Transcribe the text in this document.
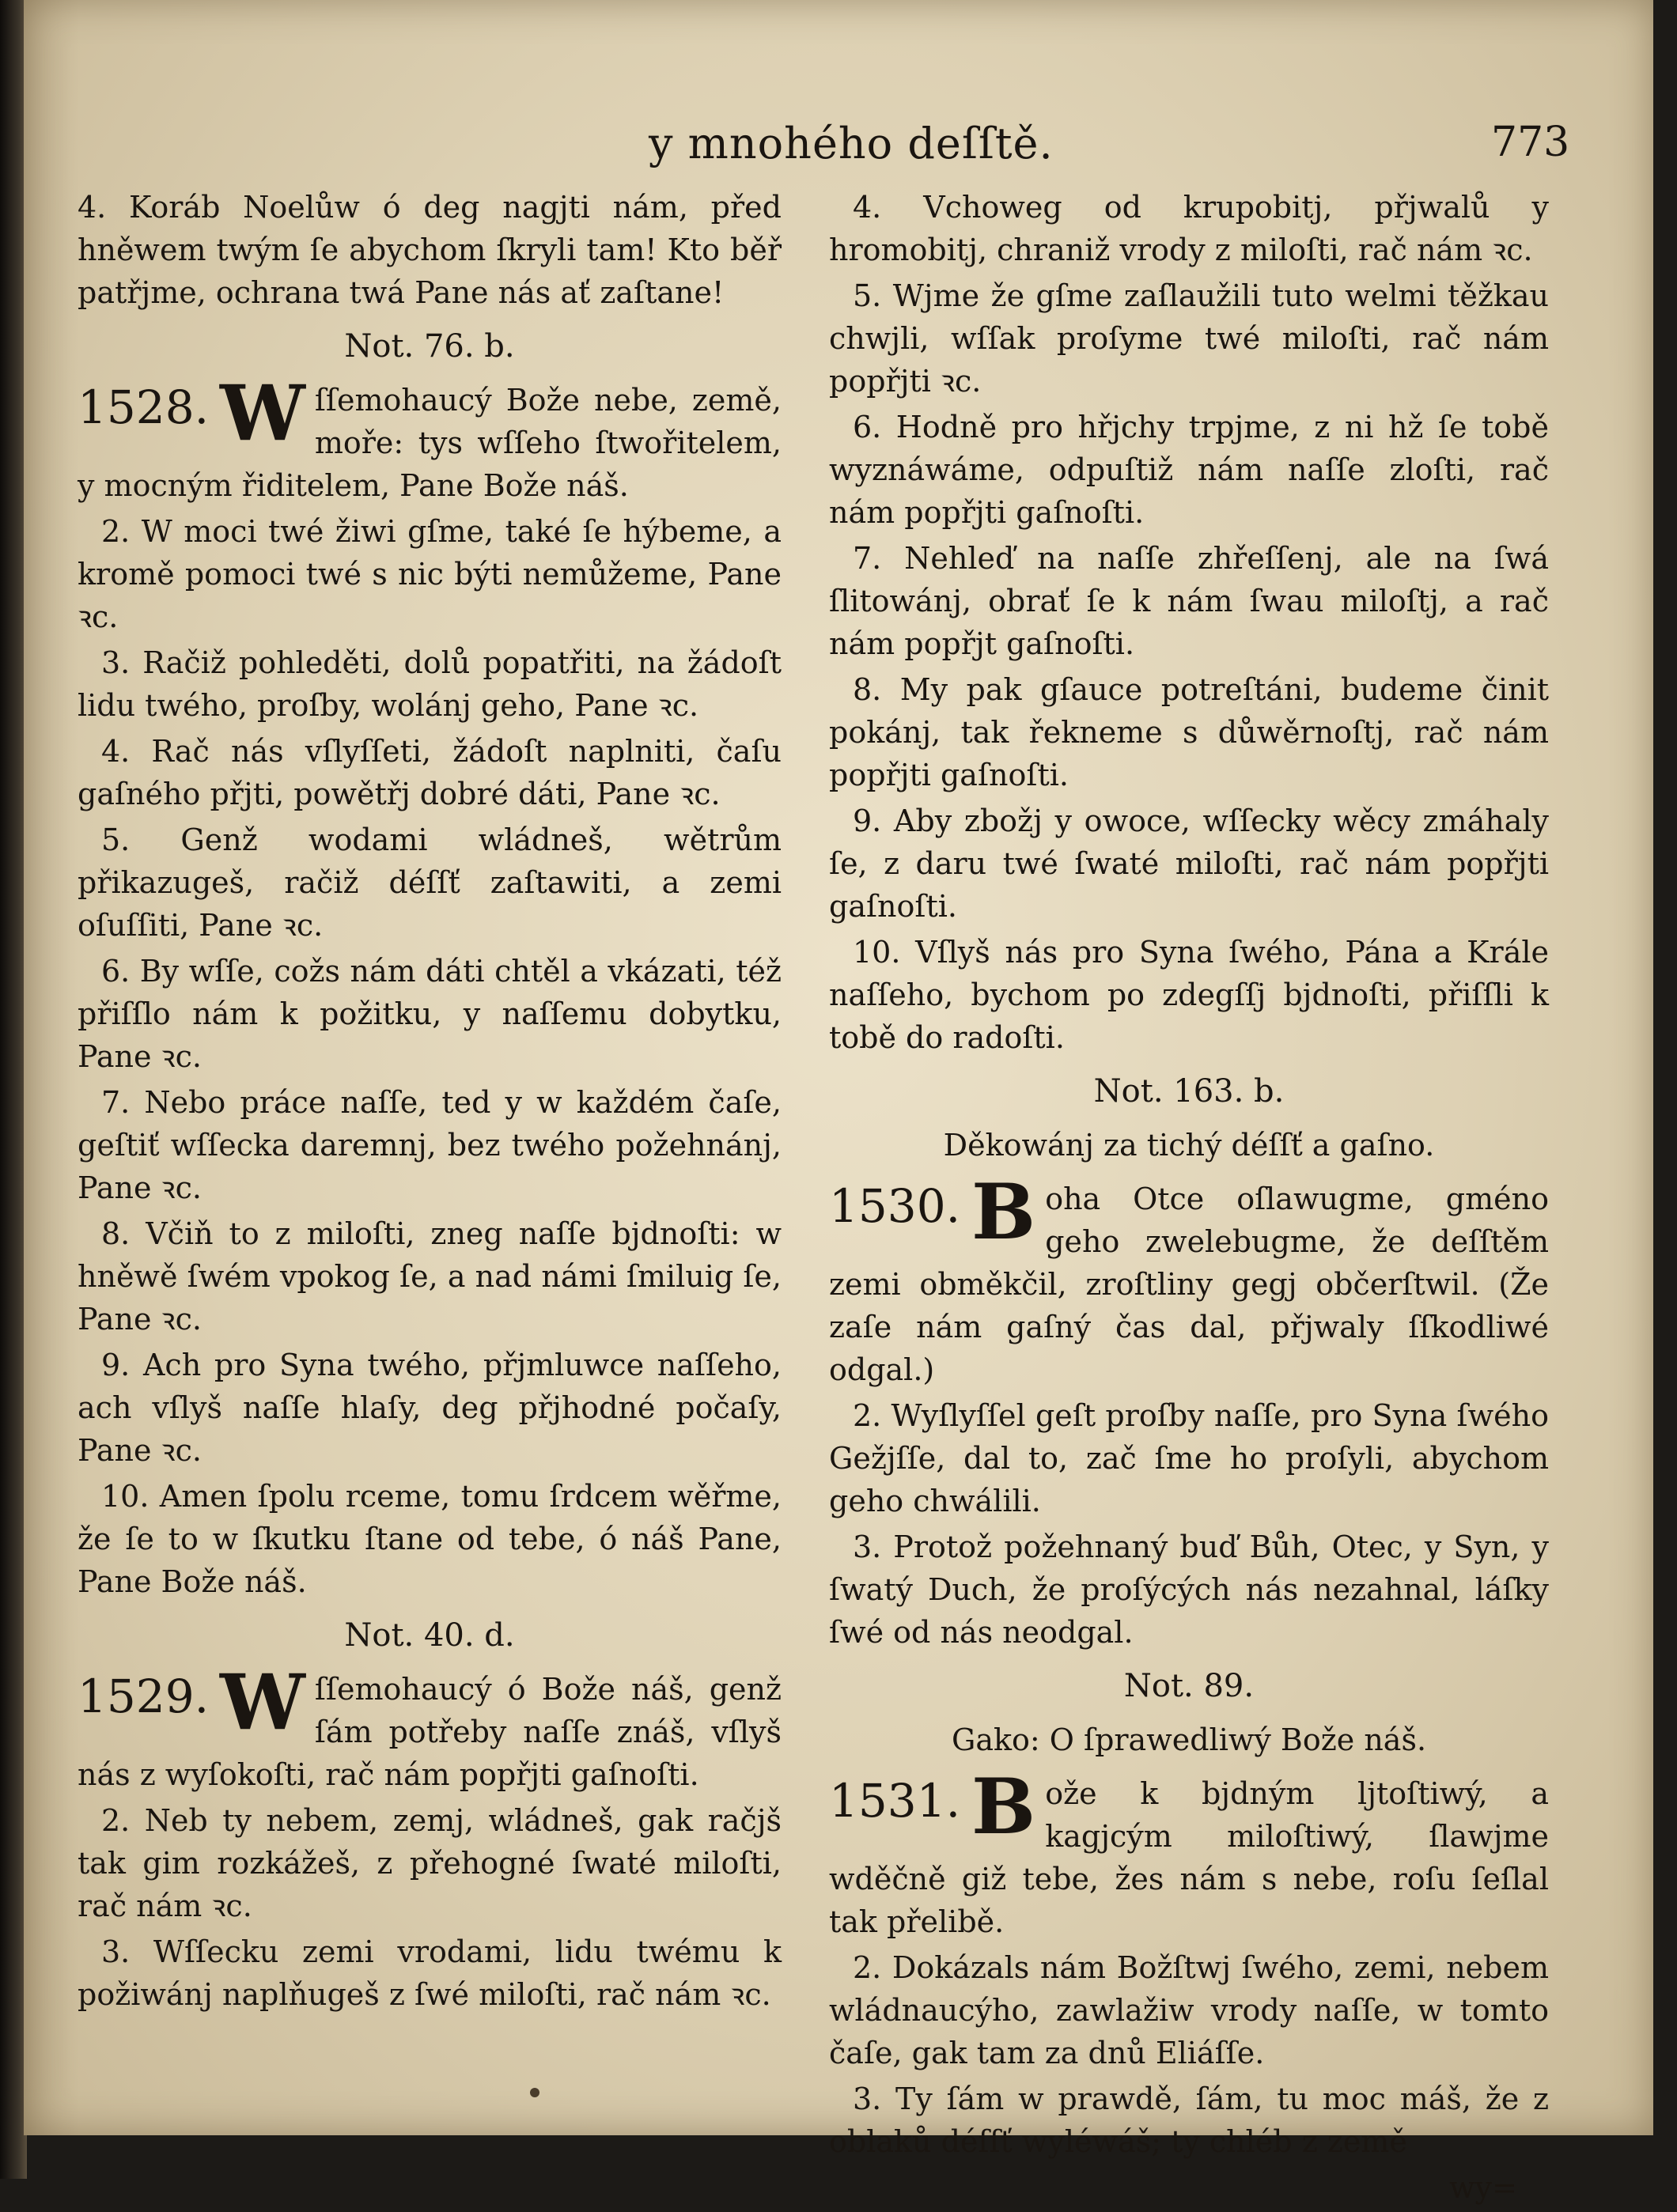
y mnohého deſſtě.	773

4. Koráb Noelůw ó deg nagjti nám, před hněwem twým ſe abychom ſkryli tam! Kto běř patřjme, ochrana twá Pane nás ať zaſtane!

Not. 76. b.

1528. W ſſemohaucý Bože nebe, země, moře: tys wſſeho ſtwořitelem, y mocným řiditelem, Pane Bože náš.

2. W moci twé žiwi gſme, také ſe hýbeme, a kromě pomoci twé s nic býti nemůžeme, Pane ꝛc.

3. Račiž pohleděti, dolů popatřiti, na žádoſt lidu twého, proſby, wolánj geho, Pane ꝛc.

4. Rač nás vſlyſſeti, žádoſt naplniti, čaſu gaſného přjti, powětřj dobré dáti, Pane ꝛc.

5. Genž wodami wládneš, wětrům přikazugeš, račiž déſſť zaſtawiti, a zemi oſuſſiti, Pane ꝛc.

6. By wſſe, cožs nám dáti chtěl a vkázati, též přiſſlo nám k požitku, y naſſemu dobytku, Pane ꝛc.

7. Nebo práce naſſe, ted y w každém čaſe, geſtiť wſſecka daremnj, bez twého požehnánj, Pane ꝛc.

8. Včiň to z miloſti, zneg naſſe bjdnoſti: w hněwě ſwém vpokog ſe, a nad námi ſmiluig ſe, Pane ꝛc.

9. Ach pro Syna twého, přjmluwce naſſeho, ach vſlyš naſſe hlaſy, deg přjhodné počaſy, Pane ꝛc.

10. Amen ſpolu rceme, tomu ſrdcem wěřme, že ſe to w ſkutku ſtane od tebe, ó náš Pane, Pane Bože náš.

Not. 40. d.

1529. W ſſemohaucý ó Bože náš, genž ſám potřeby naſſe znáš, vſlyš nás z wyſokoſti, rač nám popřjti gaſnoſti.

2. Neb ty nebem, zemj, wládneš, gak račjš tak gim rozkážeš, z přehogné ſwaté miloſti, rač nám ꝛc.

3. Wſſecku zemi vrodami, lidu twému k požiwánj naplňugeš z ſwé miloſti, rač nám ꝛc.

4. Vchoweg od krupobitj, přjwalů y hromobitj, chraniž vrody z miloſti, rač nám ꝛc.

5. Wjme že gſme zaſlaužili tuto welmi těžkau chwjli, wſſak proſyme twé miloſti, rač nám popřjti ꝛc.

6. Hodně pro hřjchy trpjme, z ni hž ſe tobě wyznáwáme, odpuſtiž nám naſſe zloſti, rač nám popřjti gaſnoſti.

7. Nehleď na naſſe zhřeſſenj, ale na ſwá ſlitowánj, obrať ſe k nám ſwau miloſtj, a rač nám popřjt gaſnoſti.

8. My pak gſauce potreſtáni, budeme činit pokánj, tak řekneme s důwěrnoſtj, rač nám popřjti gaſnoſti.

9. Aby zbožj y owoce, wſſecky wěcy zmáhaly ſe, z daru twé ſwaté miloſti, rač nám popřjti gaſnoſti.

10. Vſlyš nás pro Syna ſwého, Pána a Krále naſſeho, bychom po zdegſſj bjdnoſti, přiſſli k tobě do radoſti.

Not. 163. b.

Děkowánj za tichý déſſť a gaſno.

1530. B oha Otce oſlawugme, gméno geho zwelebugme, že deſſtěm zemi obměkčil, zroſtliny gegj občerſtwil. (Že zaſe nám gaſný čas dal, přjwaly ſſkodliwé odgal.)

2. Wyſlyſſel geſt proſby naſſe, pro Syna ſwého Gežjſſe, dal to, zač ſme ho proſyli, abychom geho chwálili.

3. Protož požehnaný buď Bůh, Otec, y Syn, y ſwatý Duch, že proſýcých nás nezahnal, láſky ſwé od nás neodgal.

Not. 89.

Gako: O ſprawedliwý Bože náš.

1531. B ože k bjdným ljtoſtiwý, a kagjcým miloſtiwý, ſlawjme wděčně giž tebe, žes nám s nebe, roſu ſeſlal tak přelibě.

2. Dokázals nám Božſtwj ſwého, zemi, nebem wládnaucýho, zawlažiw vrody naſſe, w tomto čaſe, gak tam za dnů Eliáſſe.

3. Ty ſám w prawdě, ſám, tu moc máš, že z oblaků déſſť wyléwáš; ty chléb z země

wy=
